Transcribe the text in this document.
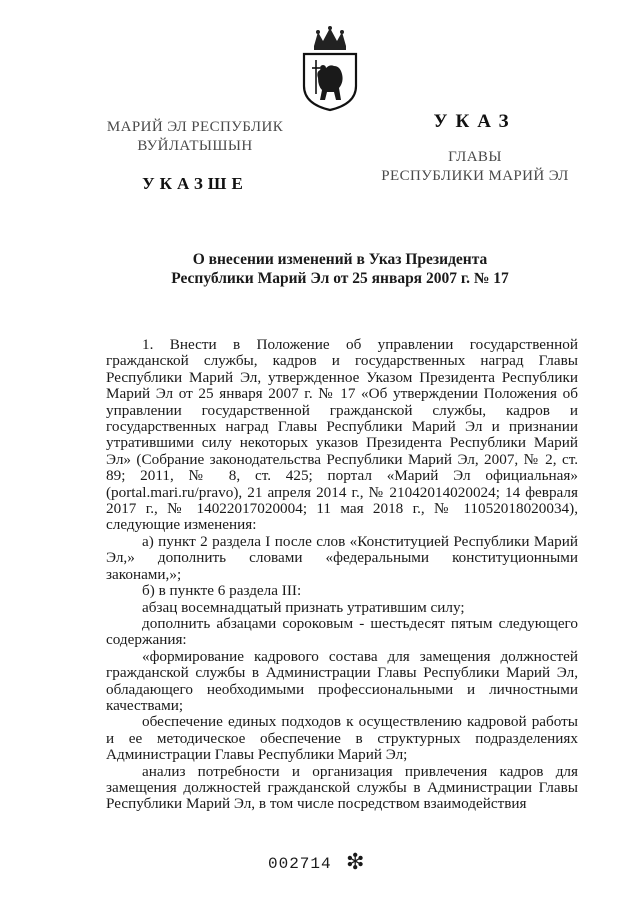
МАРИЙ ЭЛ РЕСПУБЛИК
ВУЙЛАТЫШЫН
УКАЗШЕ
УКАЗ
ГЛАВЫ
РЕСПУБЛИКИ МАРИЙ ЭЛ
О внесении изменений в Указ Президента
Республики Марий Эл от 25 января 2007 г. № 17

1. Внести в Положение об управлении государственной гражданской службы, кадров и государственных наград Главы Республики Марий Эл, утвержденное Указом Президента Республики Марий Эл от 25 января 2007 г. № 17 «Об утверждении Положения об управлении государственной гражданской службы, кадров и государственных наград Главы Республики Марий Эл и признании утратившими силу некоторых указов Президента Республики Марий Эл» (Собрание законодательства Республики Марий Эл, 2007, № 2, ст. 89; 2011, № 8, ст. 425; портал «Марий Эл официальная» (portal.mari.ru/pravo), 21 апреля 2014 г., № 21042014020024; 14 февраля 2017 г., № 14022017020004; 11 мая 2018 г., № 11052018020034), следующие изменения:

а) пункт 2 раздела I после слов «Конституцией Республики Марий Эл,» дополнить словами «федеральными конституционными законами,»;

б) в пункте 6 раздела III:

абзац восемнадцатый признать утратившим силу;

дополнить абзацами сороковым - шестьдесят пятым следующего содержания:

«формирование кадрового состава для замещения должностей гражданской службы в Администрации Главы Республики Марий Эл, обладающего необходимыми профессиональными и личностными качествами;

обеспечение единых подходов к осуществлению кадровой работы и ее методическое обеспечение в структурных подразделениях Администрации Главы Республики Марий Эл;

анализ потребности и организация привлечения кадров для замещения должностей гражданской службы в Администрации Главы Республики Марий Эл, в том числе посредством взаимодействия

002714 ❇
